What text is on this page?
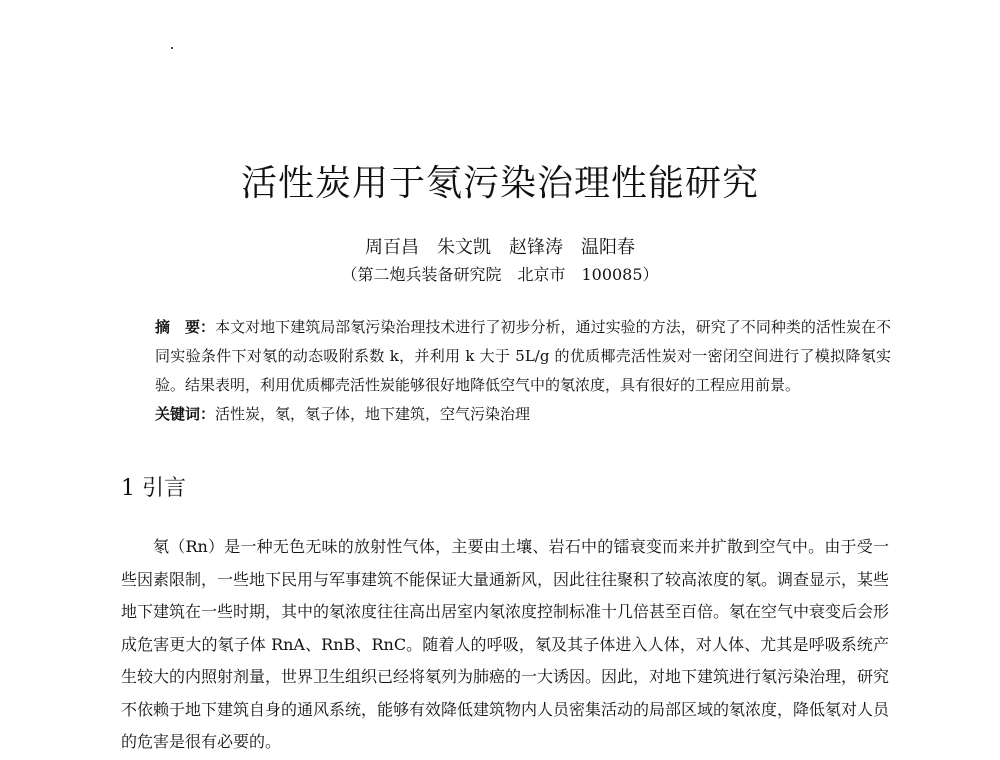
活性炭用于氡污染治理性能研究
周百昌　朱文凯　赵锋涛　温阳春
（第二炮兵装备研究院　北京市　100085）

摘　要：本文对地下建筑局部氡污染治理技术进行了初步分析，通过实验的方法，研究了不同种类的活性炭在不同实验条件下对氡的动态吸附系数 k，并利用 k 大于 5L/g 的优质椰壳活性炭对一密闭空间进行了模拟降氡实验。结果表明，利用优质椰壳活性炭能够很好地降低空气中的氡浓度，具有很好的工程应用前景。

关键词：活性炭，氡，氡子体，地下建筑，空气污染治理

1 引言

氡（Rn）是一种无色无味的放射性气体，主要由土壤、岩石中的镭衰变而来并扩散到空气中。由于受一些因素限制，一些地下民用与军事建筑不能保证大量通新风，因此往往聚积了较高浓度的氡。调查显示，某些地下建筑在一些时期，其中的氡浓度往往高出居室内氡浓度控制标准十几倍甚至百倍。氡在空气中衰变后会形成危害更大的氡子体 RnA、RnB、RnC。随着人的呼吸，氡及其子体进入人体，对人体、尤其是呼吸系统产生较大的内照射剂量，世界卫生组织已经将氡列为肺癌的一大诱因。因此，对地下建筑进行氡污染治理，研究不依赖于地下建筑自身的通风系统，能够有效降低建筑物内人员密集活动的局部区域的氡浓度，降低氡对人员的危害是很有必要的。
